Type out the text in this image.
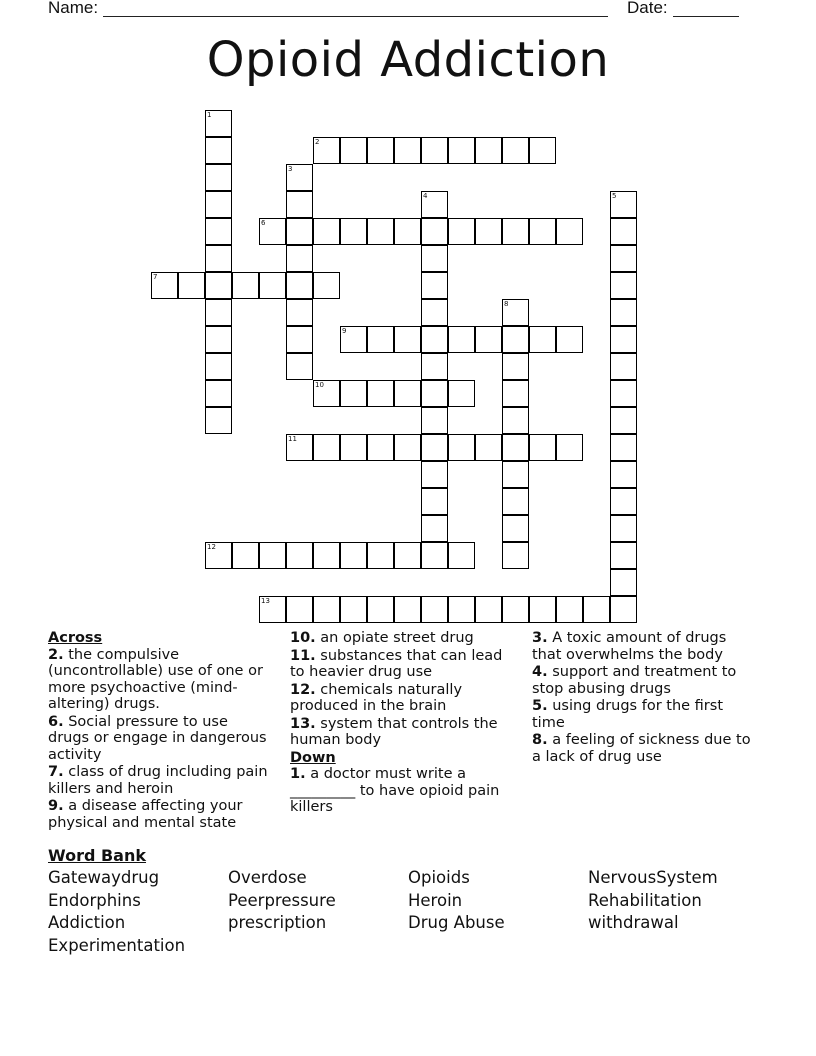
Name:	Date:
Opioid Addiction
1
2
3
4	5
6
7
8
9
10
11
12
13
Across
2. the compulsive (uncontrollable) use of one or more psychoactive (mind-altering) drugs.
6. Social pressure to use drugs or engage in dangerous activity
7. class of drug including pain killers and heroin
9. a disease affecting your physical and mental state
10. an opiate street drug
11. substances that can lead to heavier drug use
12. chemicals naturally produced in the brain
13. system that controls the human body
Down
1. a doctor must write a _________ to have opioid pain killers
3. A toxic amount of drugs that overwhelms the body
4. support and treatment to stop abusing drugs
5. using drugs for the first time
8. a feeling of sickness due to a lack of drug use
Word Bank
Gatewaydrug	Overdose	Opioids	NervousSystem
Endorphins	Peerpressure	Heroin	Rehabilitation
Addiction	prescription	Drug Abuse	withdrawal
Experimentation
